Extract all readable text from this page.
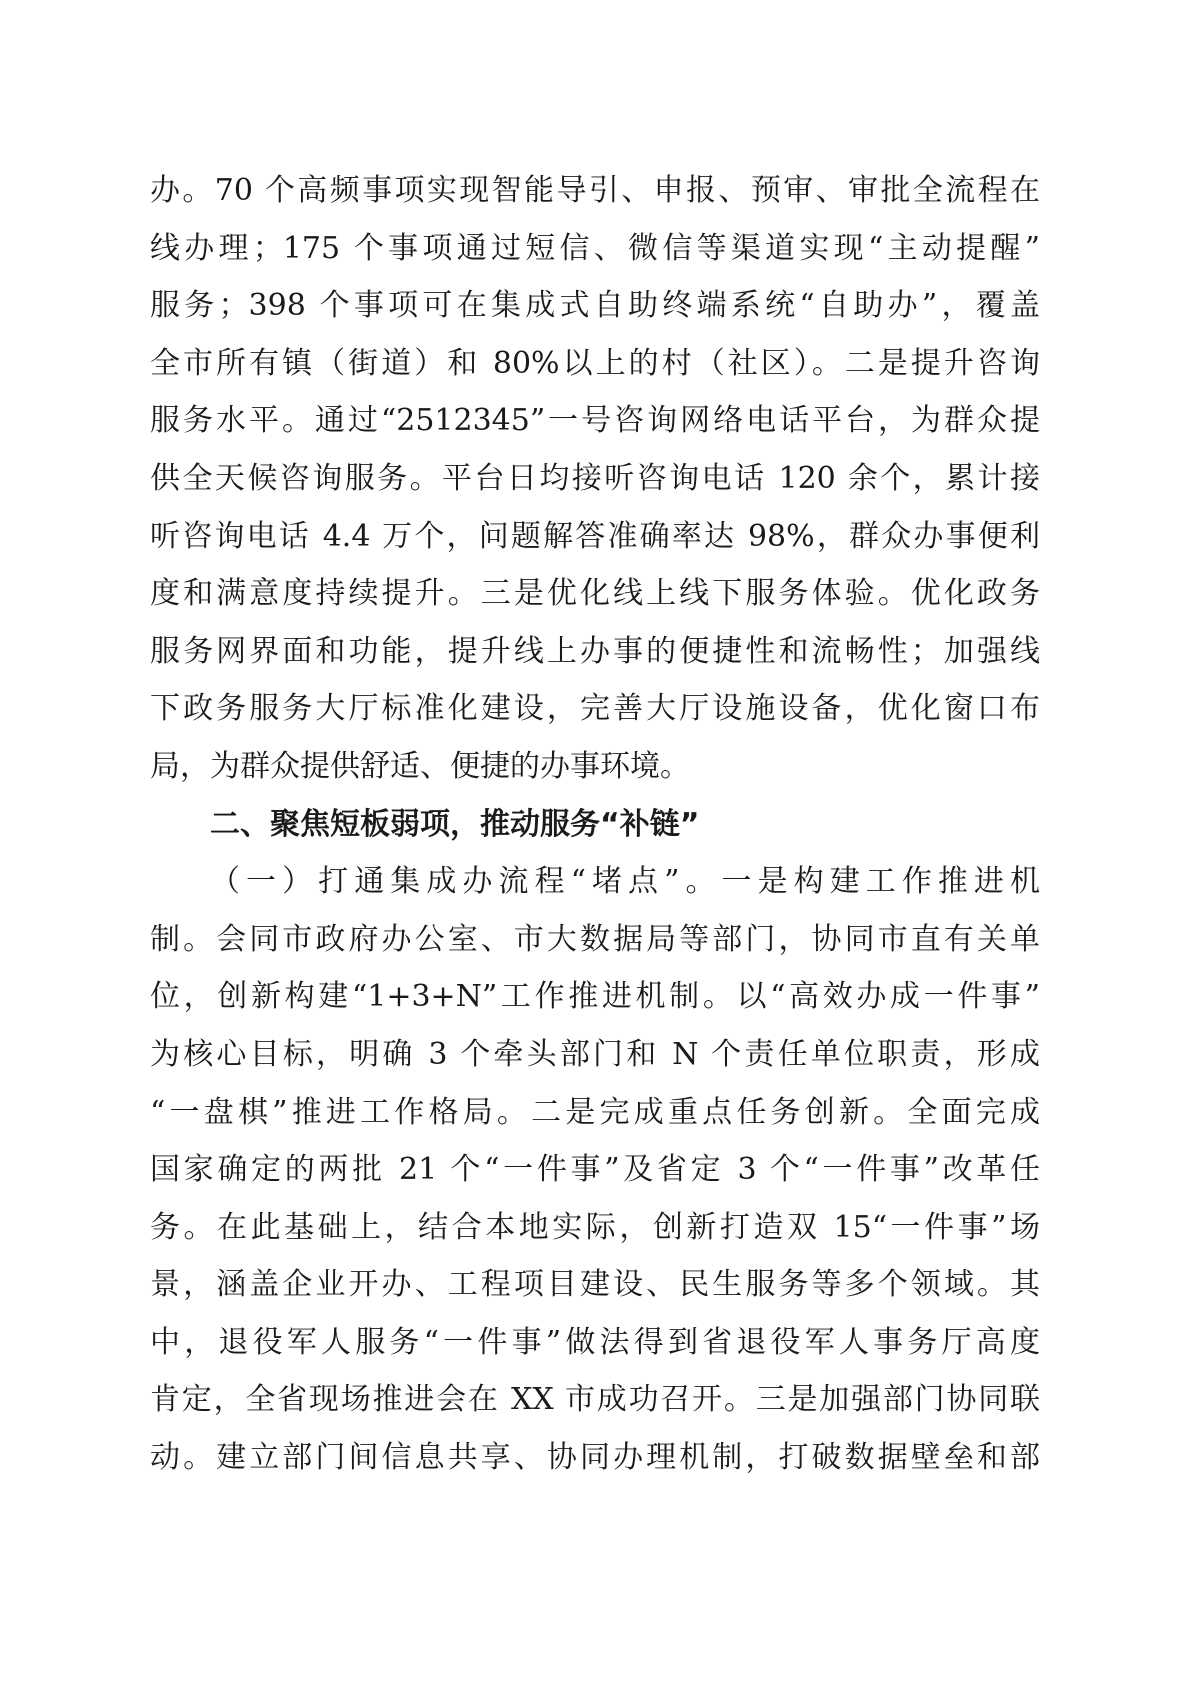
办。70 个高频事项实现智能导引、申报、预审、审批全流程在
线办理；175 个事项通过短信、微信等渠道实现“主动提醒”
服务；398 个事项可在集成式自助终端系统“自助办”，覆盖
全市所有镇（街道）和 80%以上的村（社区）。二是提升咨询
服务水平。通过“2512345”一号咨询网络电话平台，为群众提
供全天候咨询服务。平台日均接听咨询电话 120 余个，累计接
听咨询电话 4.4 万个，问题解答准确率达 98%，群众办事便利
度和满意度持续提升。三是优化线上线下服务体验。优化政务
服务网界面和功能，提升线上办事的便捷性和流畅性；加强线
下政务服务大厅标准化建设，完善大厅设施设备，优化窗口布
局，为群众提供舒适、便捷的办事环境。
二、聚焦短板弱项，推动服务“补链”
（一）打通集成办流程“堵点”。一是构建工作推进机
制。会同市政府办公室、市大数据局等部门，协同市直有关单
位，创新构建“1+3+N”工作推进机制。以“高效办成一件事”
为核心目标，明确 3 个牵头部门和 N 个责任单位职责，形成
“一盘棋”推进工作格局。二是完成重点任务创新。全面完成
国家确定的两批 21 个“一件事”及省定 3 个“一件事”改革任
务。在此基础上，结合本地实际，创新打造双 15“一件事”场
景，涵盖企业开办、工程项目建设、民生服务等多个领域。其
中，退役军人服务“一件事”做法得到省退役军人事务厅高度
肯定，全省现场推进会在 XX 市成功召开。三是加强部门协同联
动。建立部门间信息共享、协同办理机制，打破数据壁垒和部
